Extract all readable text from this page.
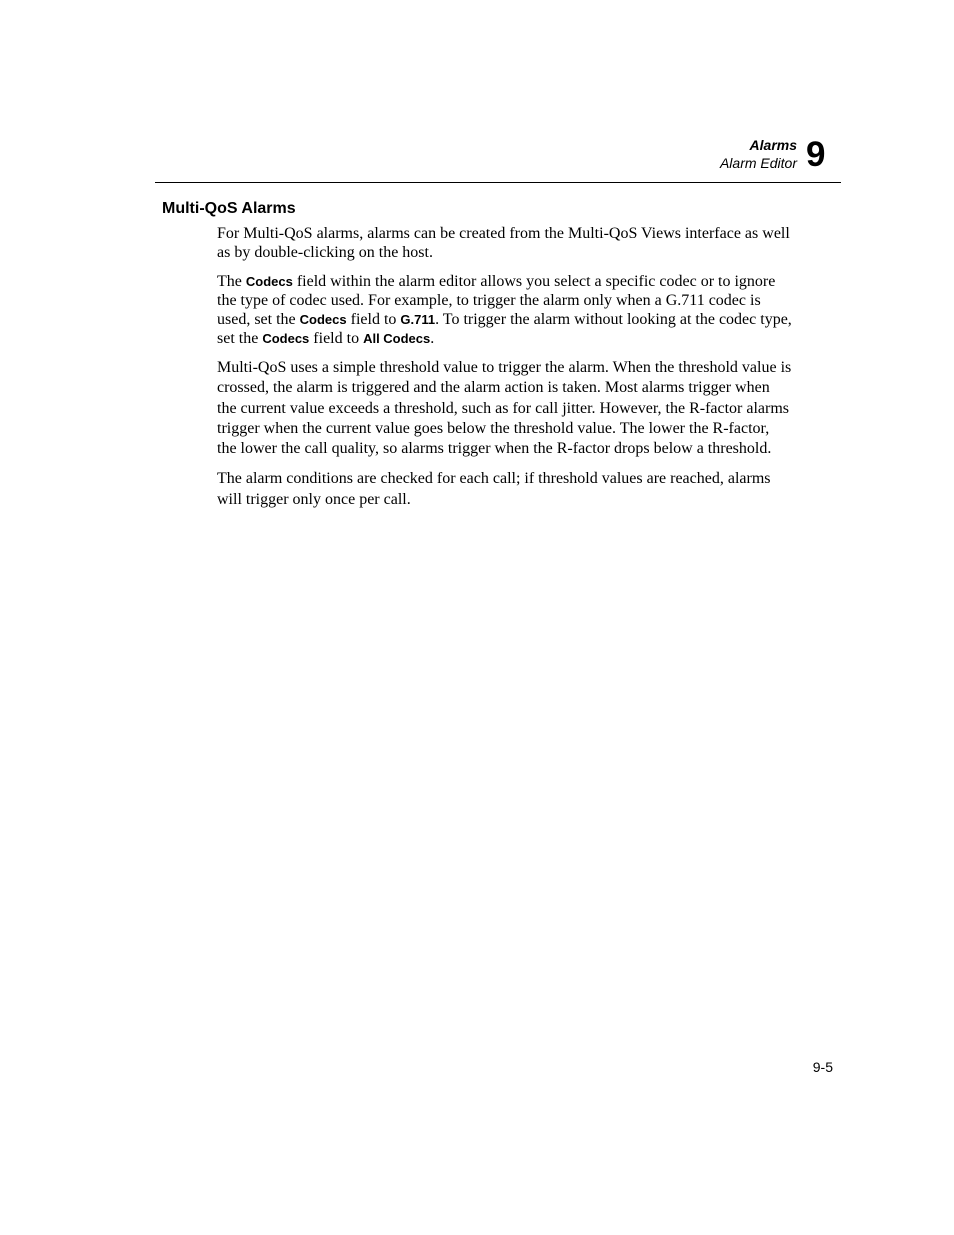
Alarms
Alarm Editor 9
Multi-QoS Alarms

For Multi-QoS alarms, alarms can be created from the Multi-QoS Views interface as well as by double-clicking on the host.

The Codecs field within the alarm editor allows you select a specific codec or to ignore the type of codec used. For example, to trigger the alarm only when a G.711 codec is used, set the Codecs field to G.711. To trigger the alarm without looking at the codec type, set the Codecs field to All Codecs.

Multi-QoS uses a simple threshold value to trigger the alarm. When the threshold value is crossed, the alarm is triggered and the alarm action is taken. Most alarms trigger when the current value exceeds a threshold, such as for call jitter. However, the R-factor alarms trigger when the current value goes below the threshold value. The lower the R-factor, the lower the call quality, so alarms trigger when the R-factor drops below a threshold.

The alarm conditions are checked for each call; if threshold values are reached, alarms will trigger only once per call.

9-5
